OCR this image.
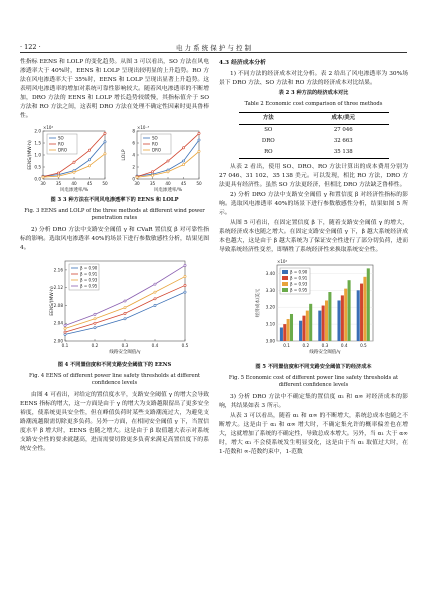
· 122 ·	电 力 系 统 保 护 与 控 制

性指标 EENS 和 LOLP 的变化趋势。从图 3 可以看出，SO 方法在风电渗透率大于 40%时，EENS 和 LOLP 呈现出较明显的上升趋势。RO 方法在风电渗透率大于 35%时，EENS 和 LOLP 呈现出显著上升趋势。这表明风电渗透率的增加对系统可靠性影响较大。随着风电渗透率的不断增加，DRO 方法的 EENS 和 LOLP 增长趋势较缓慢，其指标值介于 SO 方法和 RO 方法之间，这表明 DRO 方法在处理不确定性因素时更具鲁棒性。

30 35 40 45 50
0.0
0.5
1.0
1.5
2.0
SO
RO
DRO
EENS/(MW·h)
风电渗透率/%
×10⁴
30 35 40 45 50
0
2
4
6
8
SO
RO
DRO
LOLP
风电渗透率/%
×10⁻³
图 3 3 种方法在不同风电渗透率下的 EENS 和 LOLP
Fig. 3 EENS and LOLP of the three methods at different wind power penetration rates

2) 分析 DRO 方法中支路安全阈值 γ 和 CVaR 置信度 β 对可靠性指标的影响。选取风电渗透率 40%的场景下进行参数敏感性分析，结果见图 4。

0.1	0.2	0.3	0.4	0.5
2.00
2.04
2.08
2.12
2.16	β = 0.90
β = 0.91
β = 0.93
β = 0.95
EENS/(MW·h)
线路安全阈值/γ
图 4 不同置信度和不同支路安全阈值下的 EENS
Fig. 4 EENS of different power line safety thresholds at different confidence levels

由图 4 可看出，对给定的置信度水平，支路安全阈值 γ 的增大会导致 EENS 指标的增大，这一方面是由于 γ 的增大为支路越限留出了更多安全裕度，使系统更具安全性，但在峰值负荷时某些支路潮流过大，为避免支路潮流越限需切除更多负荷。另外一方面，在相同安全阈值 γ 下，当置信度水平 β 增大时，EENS 也随之增大。这是由于 β 取值越大表示对系统支路安全性的要求就越高，进而需要切除更多负荷来满足高置信度下的系统安全性。

4.3 经济成本分析

1) 不同方法的经济成本对比分析。表 2 给出了风电渗透率为 30%场景下 DRO 方法、SO 方法和 RO 方法的经济成本对比结果。

表 2 3 种方法的经济成本对比
Table 2 Economic cost comparison of three methods
方法	成本/美元
SO	27 046
DRO	32 663
RO	35 138

从表 2 看出，使用 SO、DRO、RO 方法计算出的成本费用分别为 27 046、31 102、35 138 美元。可以发现，相比 RO 方法，DRO 方法更具有经济性。虽然 SO 方法更经济，但相比 DRO 方法缺乏鲁棒性。

2) 分析 DRO 方法中支路安全阈值 γ 和置信度 β 对经济性指标的影响。选取风电渗透率 40%的场景下进行参数敏感性分析，结果如图 5 所示。

从图 5 可看出，在固定置信度 β 下，随着支路安全阈值 γ 的增大，系统经济成本也随之增大。在固定支路安全阈值 γ 下，β 越大系统经济成本也越大，这是由于 β 越大系统为了保证安全性进行了部分切负荷，进而导致系统经济性变差，即牺牲了系统经济性来换取系统安全性。

3.00
3.10
3.20
3.30
3.40
0.1	0.2	0.3	0.4	0.5
β = 0.90
β = 0.91
β = 0.93
β = 0.95
经济成本/美元
线路安全阈值/γ
×10⁴
图 5 不同置信度和不同支路安全阈值下的经济成本
Fig. 5 Economic cost of different power line safety thresholds at different confidence levels

3) 分析 DRO 方法中不确定集的置信度 α₁ 和 α∞ 对经济成本的影响，其结果如表 3 所示。

从表 3 可以看出，随着 α₁ 和 α∞ 的不断增大，系统总成本也随之不断增大。这是由于 α₁ 和 α∞ 增大时，不确定集允许的概率偏差也在增大，这就增加了系统的不确定性，导致总成本增大。另外，当 α₁ 大于 α∞ 时，增大 α₁ 不会使系统发生明显变化，这是由于当 α₁ 取值过大时，在 1-范数和 ∞-范数约束中，1-范数
